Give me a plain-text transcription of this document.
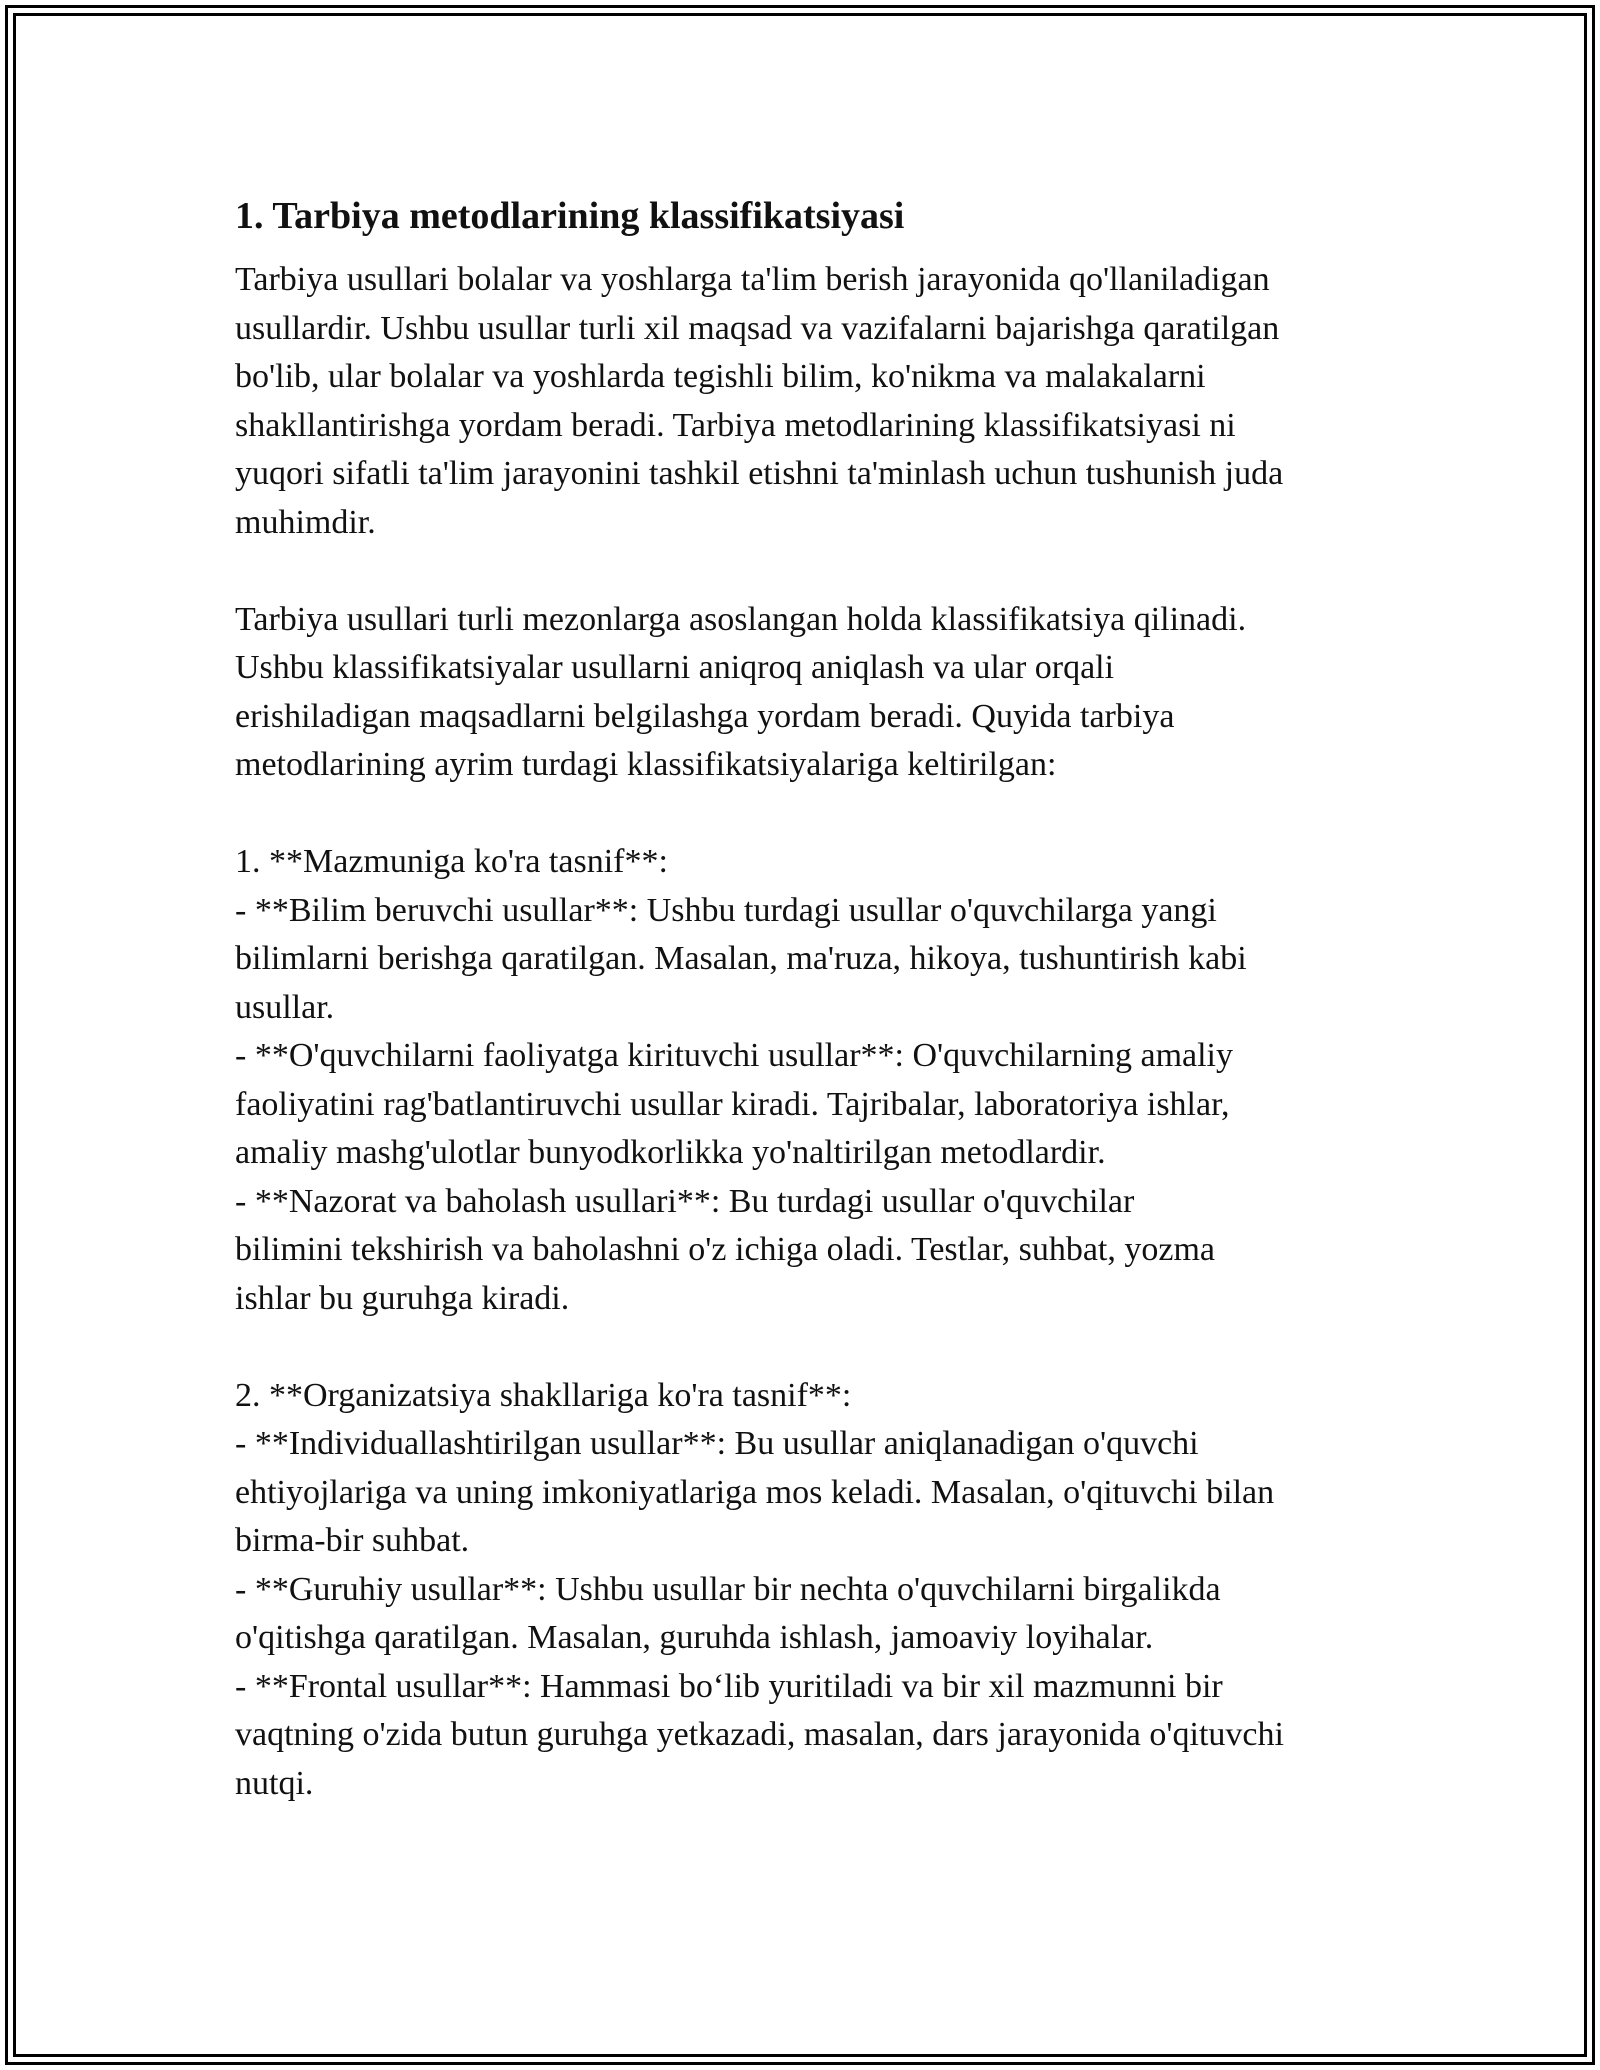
1. Tarbiya metodlarining klassifikatsiyasi

Tarbiya usullari bolalar va yoshlarga ta'lim berish jarayonida qo'llaniladigan
usullardir. Ushbu usullar turli xil maqsad va vazifalarni bajarishga qaratilgan
bo'lib, ular bolalar va yoshlarda tegishli bilim, ko'nikma va malakalarni
shakllantirishga yordam beradi. Tarbiya metodlarining klassifikatsiyasi ni
yuqori sifatli ta'lim jarayonini tashkil etishni ta'minlash uchun tushunish juda
muhimdir.

Tarbiya usullari turli mezonlarga asoslangan holda klassifikatsiya qilinadi.
Ushbu klassifikatsiyalar usullarni aniqroq aniqlash va ular orqali
erishiladigan maqsadlarni belgilashga yordam beradi. Quyida tarbiya
metodlarining ayrim turdagi klassifikatsiyalariga keltirilgan:

1. **Mazmuniga ko'ra tasnif**:
- **Bilim beruvchi usullar**: Ushbu turdagi usullar o'quvchilarga yangi
bilimlarni berishga qaratilgan. Masalan, ma'ruza, hikoya, tushuntirish kabi
usullar.
- **O'quvchilarni faoliyatga kirituvchi usullar**: O'quvchilarning amaliy
faoliyatini rag'batlantiruvchi usullar kiradi. Tajribalar, laboratoriya ishlar,
amaliy mashg'ulotlar bunyodkorlikka yo'naltirilgan metodlardir.
- **Nazorat va baholash usullari**: Bu turdagi usullar o'quvchilar
bilimini tekshirish va baholashni o'z ichiga oladi. Testlar, suhbat, yozma
ishlar bu guruhga kiradi.

2. **Organizatsiya shakllariga ko'ra tasnif**:
- **Individuallashtirilgan usullar**: Bu usullar aniqlanadigan o'quvchi
ehtiyojlariga va uning imkoniyatlariga mos keladi. Masalan, o'qituvchi bilan
birma-bir suhbat.
- **Guruhiy usullar**: Ushbu usullar bir nechta o'quvchilarni birgalikda
o'qitishga qaratilgan. Masalan, guruhda ishlash, jamoaviy loyihalar.
- **Frontal usullar**: Hammasi bo‘lib yuritiladi va bir xil mazmunni bir
vaqtning o'zida butun guruhga yetkazadi, masalan, dars jarayonida o'qituvchi
nutqi.
